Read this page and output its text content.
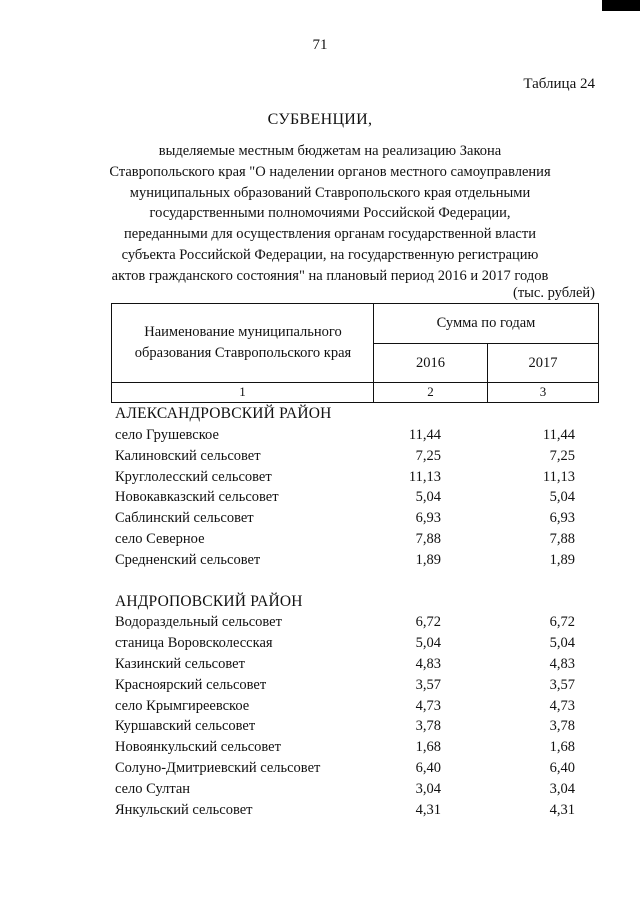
71
Таблица 24
СУБВЕНЦИИ,
выделяемые местным бюджетам на реализацию Закона
Ставропольского края "О наделении органов местного самоуправления
муниципальных образований Ставропольского края отдельными
государственными полномочиями Российской Федерации,
переданными для осуществления органам государственной власти
субъекта Российской Федерации, на государственную регистрацию
актов гражданского состояния" на плановый период 2016 и 2017 годов
(тыс. рублей)
Наименование муниципального образования Ставропольского края
Сумма по годам
2016	2017
1	2	3
АЛЕКСАНДРОВСКИЙ РАЙОН
село Грушевское	11,44	11,44
Калиновский сельсовет	7,25	7,25
Круглолесский сельсовет	11,13	11,13
Новокавказский сельсовет	5,04	5,04
Саблинский сельсовет	6,93	6,93
село Северное	7,88	7,88
Средненский сельсовет	1,89	1,89
АНДРОПОВСКИЙ РАЙОН
Водораздельный сельсовет	6,72	6,72
станица Воровсколесская	5,04	5,04
Казинский сельсовет	4,83	4,83
Красноярский сельсовет	3,57	3,57
село Крымгиреевское	4,73	4,73
Куршавский сельсовет	3,78	3,78
Новоянкульский сельсовет	1,68	1,68
Солуно-Дмитриевский сельсовет	6,40	6,40
село Султан	3,04	3,04
Янкульский сельсовет	4,31	4,31
